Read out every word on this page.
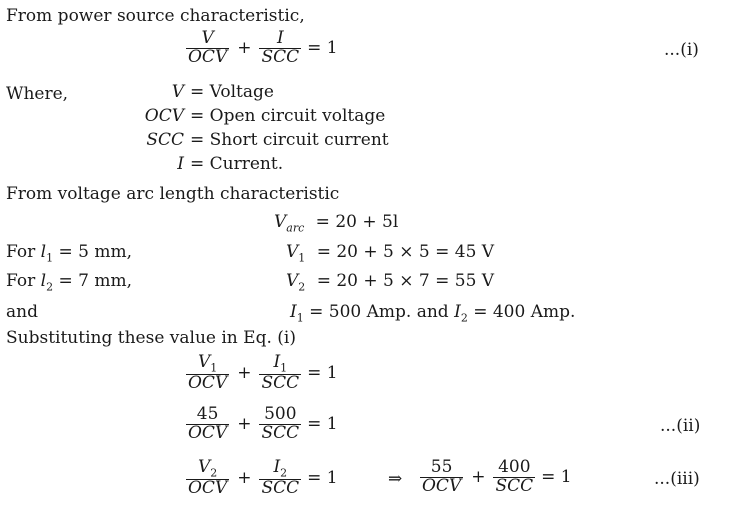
From power source characteristic,
$\frac{V}{\text{OCV}} + \frac{I}{\text{SCC}} = 1$	...(i)
Where,	V = Voltage
OCV = Open circuit voltage
SCC = Short circuit current
I = Current.
From voltage arc length characteristic
$V_{arc} = 20 + 5l$
For $l_1 = 5$ mm,	$V_1 = 20 + 5 \times 5 = 45$ V
For $l_2 = 7$ mm,	$V_2 = 20 + 5 \times 7 = 55$ V
and	$I_1 = 500$ Amp. and $I_2 = 400$ Amp.
Substituting these value in Eq. (i)
$\frac{V_1}{\text{OCV}} + \frac{I_1}{\text{SCC}} = 1$
$\frac{45}{\text{OCV}} + \frac{500}{\text{SCC}} = 1$	...(ii)
$\frac{V_2}{\text{OCV}} + \frac{I_2}{\text{SCC}} = 1$	⇒ $\frac{55}{\text{OCV}} + \frac{400}{\text{SCC}} = 1$	...(iii)
